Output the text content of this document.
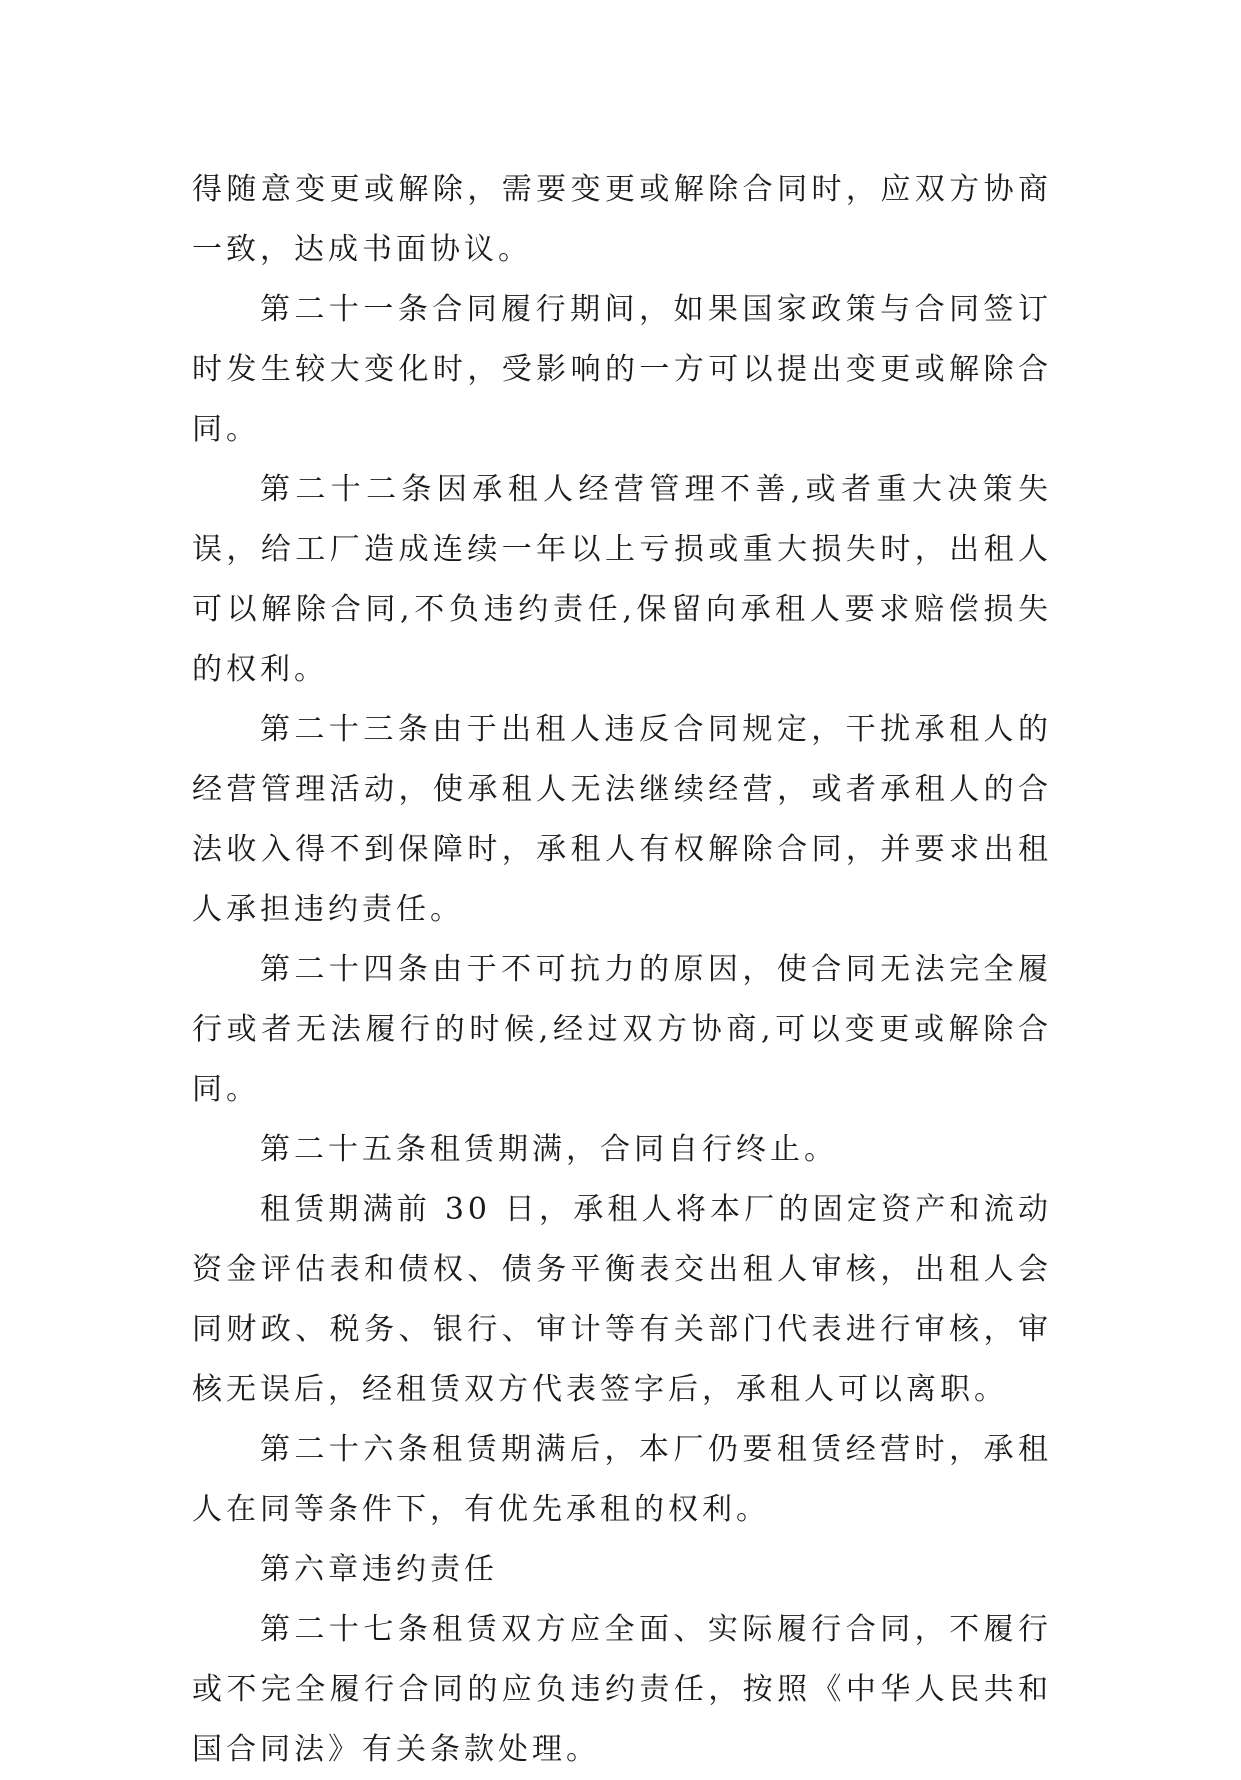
得随意变更或解除，需要变更或解除合同时，应双方协商一致，达成书面协议。

第二十一条合同履行期间，如果国家政策与合同签订时发生较大变化时，受影响的一方可以提出变更或解除合同。

第二十二条因承租人经营管理不善,或者重大决策失误，给工厂造成连续一年以上亏损或重大损失时，出租人可以解除合同,不负违约责任,保留向承租人要求赔偿损失的权利。

第二十三条由于出租人违反合同规定，干扰承租人的经营管理活动，使承租人无法继续经营，或者承租人的合法收入得不到保障时，承租人有权解除合同，并要求出租人承担违约责任。

第二十四条由于不可抗力的原因，使合同无法完全履行或者无法履行的时候,经过双方协商,可以变更或解除合同。

第二十五条租赁期满，合同自行终止。

租赁期满前 30 日，承租人将本厂的固定资产和流动资金评估表和债权、债务平衡表交出租人审核，出租人会同财政、税务、银行、审计等有关部门代表进行审核，审核无误后，经租赁双方代表签字后，承租人可以离职。

第二十六条租赁期满后，本厂仍要租赁经营时，承租人在同等条件下，有优先承租的权利。

第六章违约责任

第二十七条租赁双方应全面、实际履行合同，不履行或不完全履行合同的应负违约责任，按照《中华人民共和国合同法》有关条款处理。
